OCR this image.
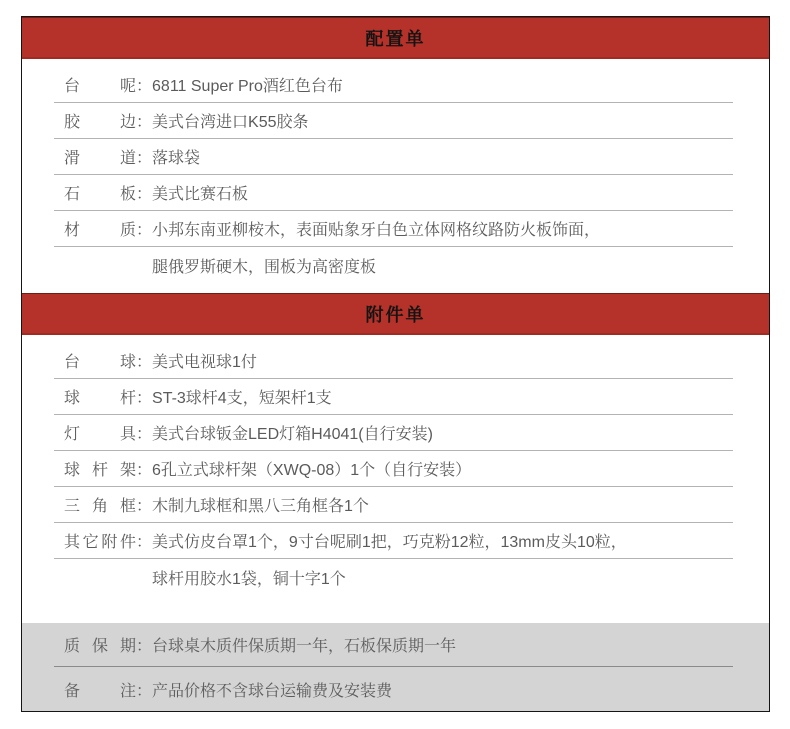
配置单
台呢 ： 6811 Super Pro酒红色台布
胶边 ： 美式台湾进口K55胶条
滑道 ： 落球袋
石板 ： 美式比赛石板
材质 ： 小邦东南亚柳桉木，表面贴象牙白色立体网格纹路防火板饰面，
腿俄罗斯硬木，围板为高密度板
附件单
台球 ： 美式电视球1付
球杆 ： ST-3球杆4支，短架杆1支
灯具 ： 美式台球钣金LED灯箱H4041(自行安装)
球杆架 ： 6孔立式球杆架（XWQ-08）1个（自行安装）
三角框 ： 木制九球框和黑八三角框各1个
其它附件 ： 美式仿皮台罩1个，9寸台呢刷1把，巧克粉12粒，13mm皮头10粒，
球杆用胶水1袋，铜十字1个
质保期 ： 台球桌木质件保质期一年，石板保质期一年
备注 ： 产品价格不含球台运输费及安装费
